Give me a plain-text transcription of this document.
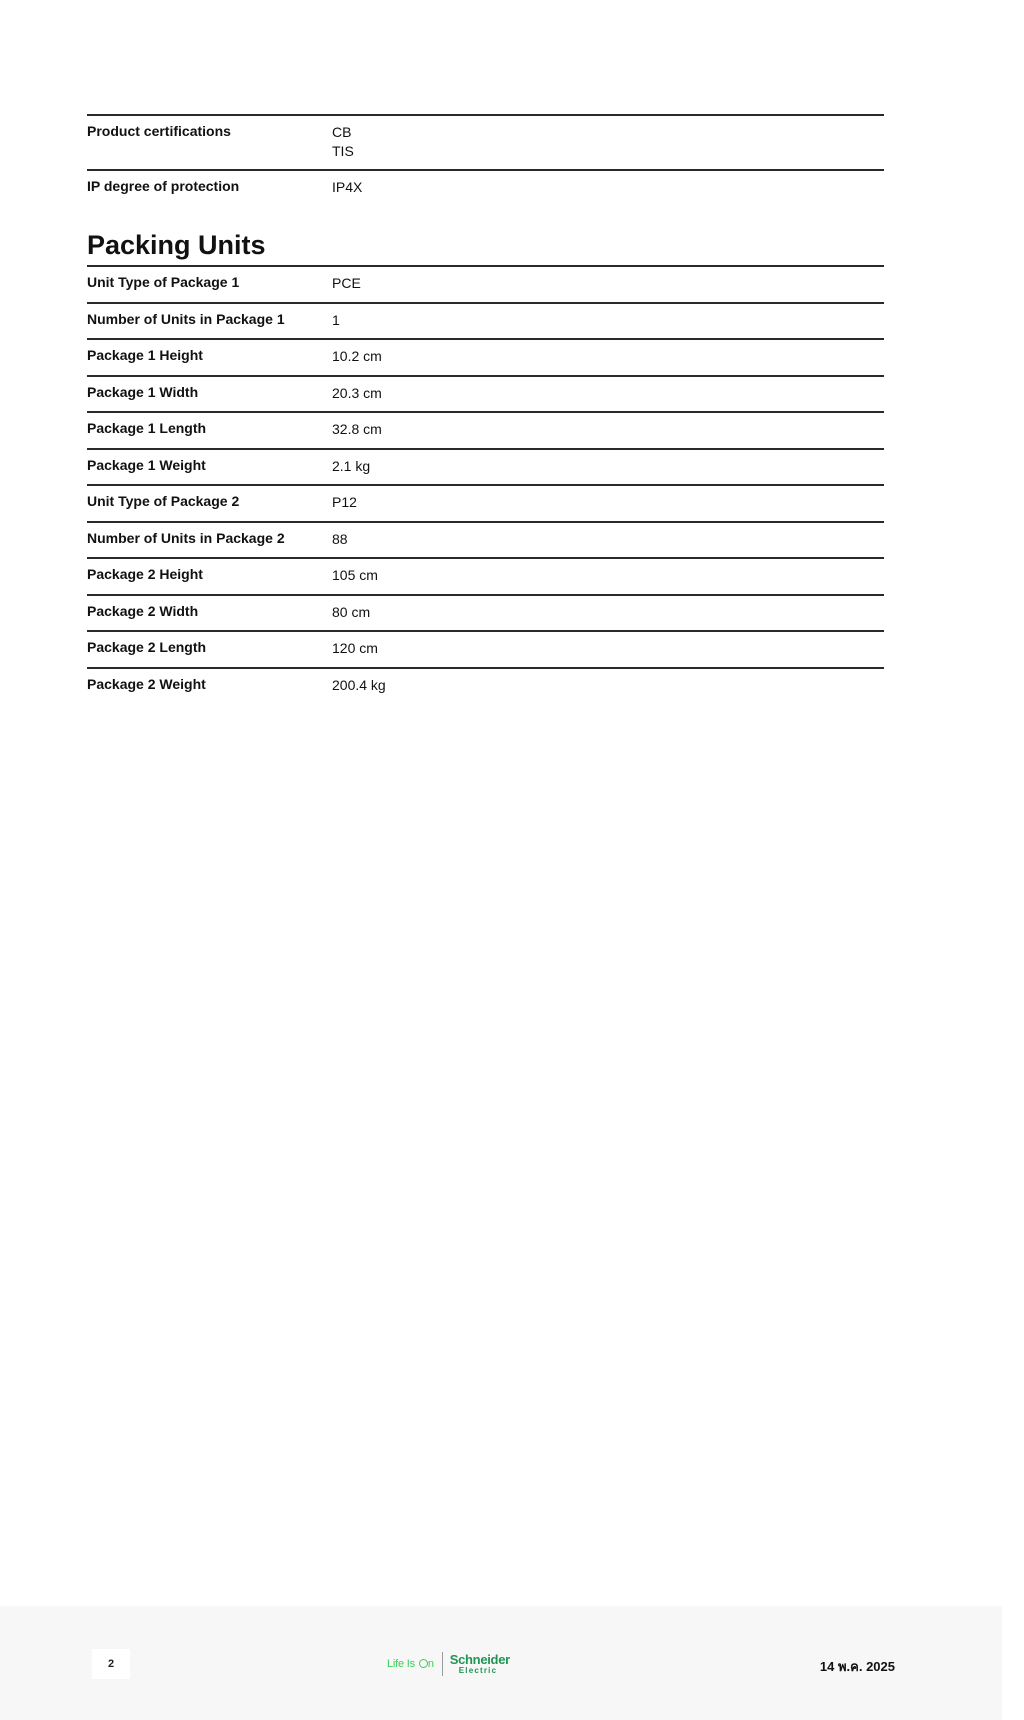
Product certifications	CB
TIS
IP degree of protection	IP4X
Packing Units
Unit Type of Package 1	PCE
Number of Units in Package 1	1
Package 1 Height	10.2 cm
Package 1 Width	20.3 cm
Package 1 Length	32.8 cm
Package 1 Weight	2.1 kg
Unit Type of Package 2	P12
Number of Units in Package 2	88
Package 2 Height	105 cm
Package 2 Width	80 cm
Package 2 Length	120 cm
Package 2 Weight	200.4 kg
2	Life Is n Schneider
Electric	14 พ.ค. 2025
